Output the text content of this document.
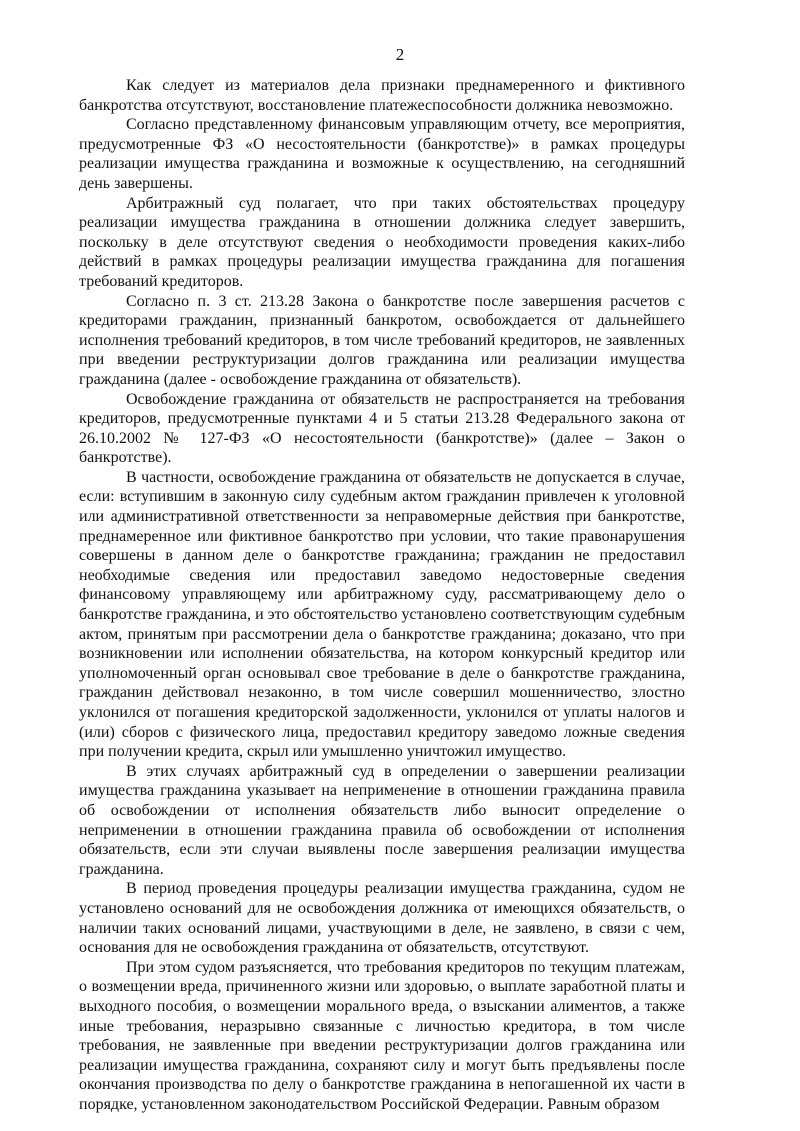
2

Как следует из материалов дела признаки преднамеренного и фиктивного банкротства отсутствуют, восстановление платежеспособности должника невозможно.

Согласно представленному финансовым управляющим отчету, все мероприятия, предусмотренные ФЗ «О несостоятельности (банкротстве)» в рамках процедуры реализации имущества гражданина и возможные к осуществлению, на сегодняшний день завершены.

Арбитражный суд полагает, что при таких обстоятельствах процедуру реализации имущества гражданина в отношении должника следует завершить, поскольку в деле отсутствуют сведения о необходимости проведения каких-либо действий в рамках процедуры реализации имущества гражданина для погашения требований кредиторов.

Согласно п. 3 ст. 213.28 Закона о банкротстве после завершения расчетов с кредиторами гражданин, признанный банкротом, освобождается от дальнейшего исполнения требований кредиторов, в том числе требований кредиторов, не заявленных при введении реструктуризации долгов гражданина или реализации имущества гражданина (далее - освобождение гражданина от обязательств).

Освобождение гражданина от обязательств не распространяется на требования кредиторов, предусмотренные пунктами 4 и 5 статьи 213.28 Федерального закона от 26.10.2002 № 127-ФЗ «О несостоятельности (банкротстве)» (далее – Закон о банкротстве).

В частности, освобождение гражданина от обязательств не допускается в случае, если: вступившим в законную силу судебным актом гражданин привлечен к уголовной или административной ответственности за неправомерные действия при банкротстве, преднамеренное или фиктивное банкротство при условии, что такие правонарушения совершены в данном деле о банкротстве гражданина; гражданин не предоставил необходимые сведения или предоставил заведомо недостоверные сведения финансовому управляющему или арбитражному суду, рассматривающему дело о банкротстве гражданина, и это обстоятельство установлено соответствующим судебным актом, принятым при рассмотрении дела о банкротстве гражданина; доказано, что при возникновении или исполнении обязательства, на котором конкурсный кредитор или уполномоченный орган основывал свое требование в деле о банкротстве гражданина, гражданин действовал незаконно, в том числе совершил мошенничество, злостно уклонился от погашения кредиторской задолженности, уклонился от уплаты налогов и (или) сборов с физического лица, предоставил кредитору заведомо ложные сведения при получении кредита, скрыл или умышленно уничтожил имущество.

В этих случаях арбитражный суд в определении о завершении реализации имущества гражданина указывает на неприменение в отношении гражданина правила об освобождении от исполнения обязательств либо выносит определение о неприменении в отношении гражданина правила об освобождении от исполнения обязательств, если эти случаи выявлены после завершения реализации имущества гражданина.

В период проведения процедуры реализации имущества гражданина, судом не установлено оснований для не освобождения должника от имеющихся обязательств, о наличии таких оснований лицами, участвующими в деле, не заявлено, в связи с чем, основания для не освобождения гражданина от обязательств, отсутствуют.

При этом судом разъясняется, что требования кредиторов по текущим платежам, о возмещении вреда, причиненного жизни или здоровью, о выплате заработной платы и выходного пособия, о возмещении морального вреда, о взыскании алиментов, а также иные требования, неразрывно связанные с личностью кредитора, в том числе требования, не заявленные при введении реструктуризации долгов гражданина или реализации имущества гражданина, сохраняют силу и могут быть предъявлены после окончания производства по делу о банкротстве гражданина в непогашенной их части в порядке, установленном законодательством Российской Федерации. Равным образом
